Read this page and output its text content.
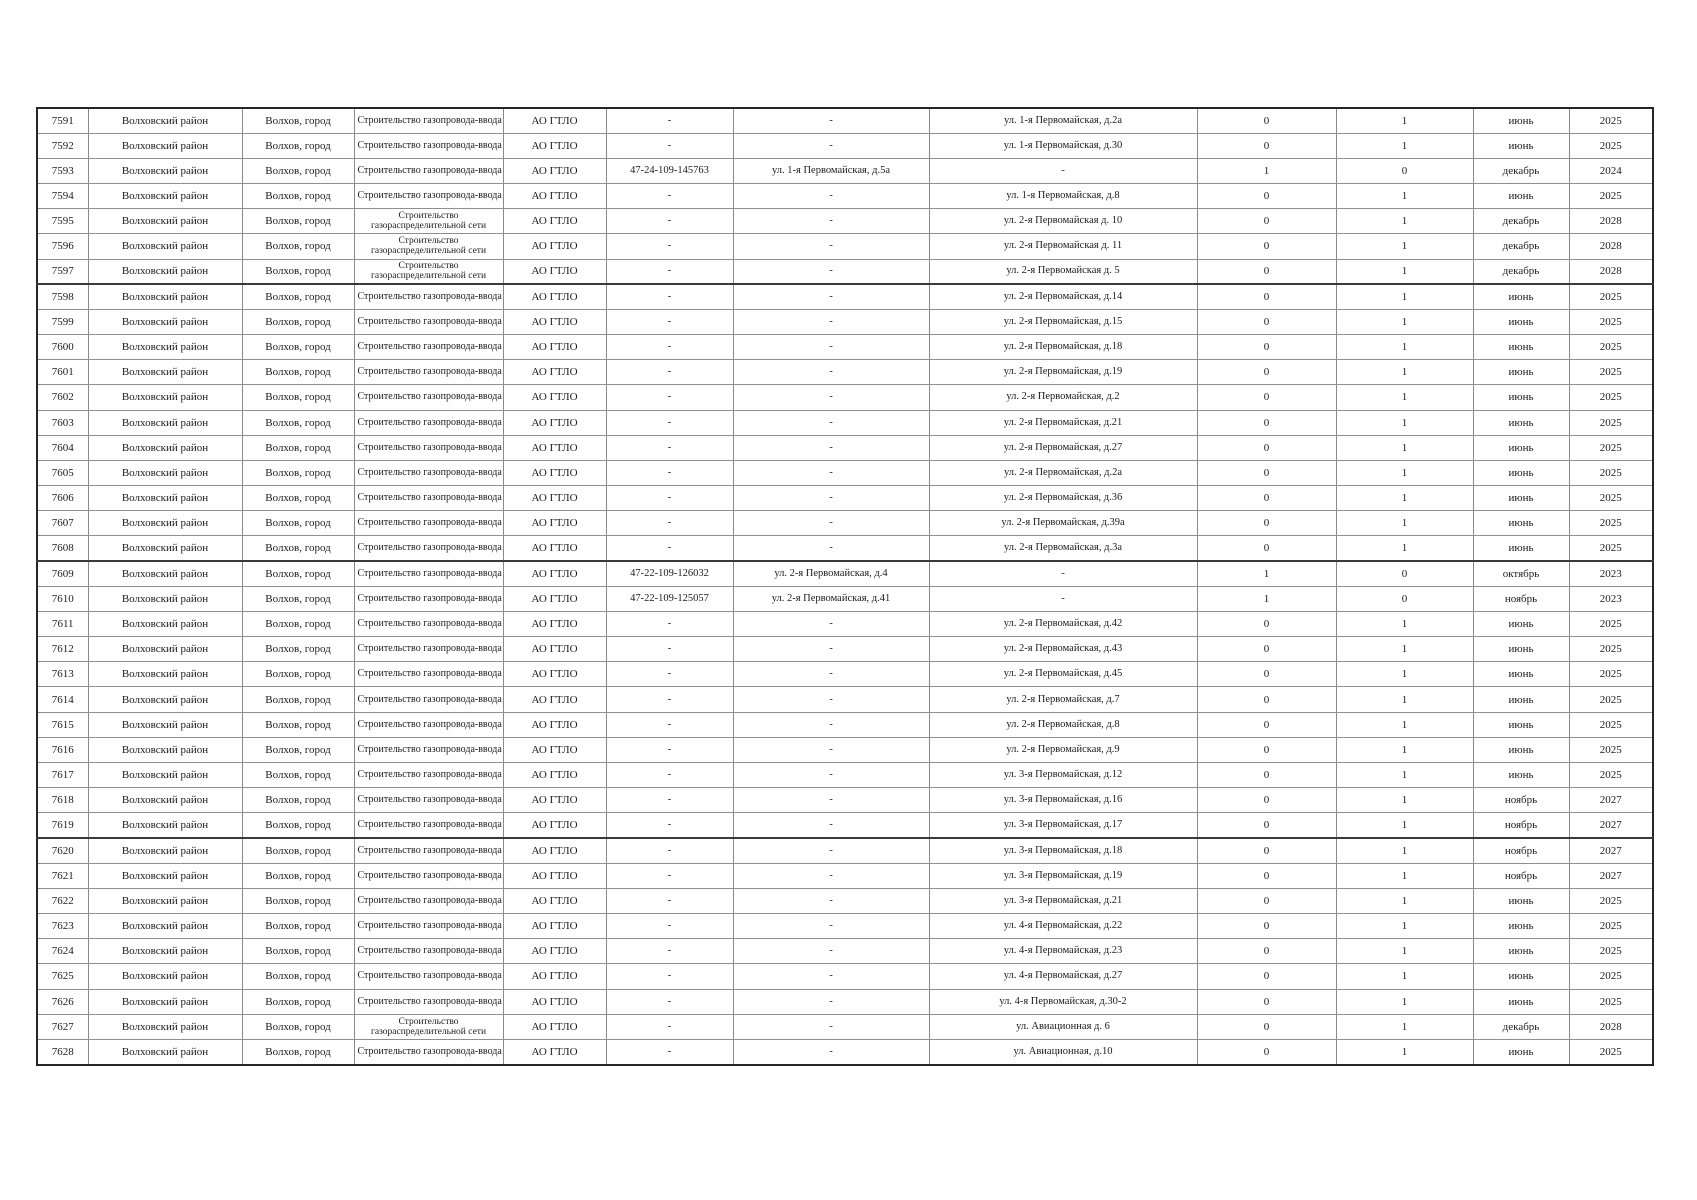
7591	Волховский район	Волхов, город	Строительство газопровода-ввода	АО ГТЛО	-	-	ул. 1-я Первомайская, д.2а	0	1	июнь	2025
7592	Волховский район	Волхов, город	Строительство газопровода-ввода	АО ГТЛО	-	-	ул. 1-я Первомайская, д.30	0	1	июнь	2025
7593	Волховский район	Волхов, город	Строительство газопровода-ввода	АО ГТЛО	47-24-109-145763	ул. 1-я Первомайская, д.5а	-	1	0	декабрь	2024
7594	Волховский район	Волхов, город	Строительство газопровода-ввода	АО ГТЛО	-	-	ул. 1-я Первомайская, д.8	0	1	июнь	2025
7595	Волховский район	Волхов, город	Строительство газораспределительной сети	АО ГТЛО	-	-	ул. 2-я Первомайская д. 10	0	1	декабрь	2028
7596	Волховский район	Волхов, город	Строительство газораспределительной сети	АО ГТЛО	-	-	ул. 2-я Первомайская д. 11	0	1	декабрь	2028
7597	Волховский район	Волхов, город	Строительство газораспределительной сети	АО ГТЛО	-	-	ул. 2-я Первомайская д. 5	0	1	декабрь	2028
7598	Волховский район	Волхов, город	Строительство газопровода-ввода	АО ГТЛО	-	-	ул. 2-я Первомайская, д.14	0	1	июнь	2025
7599	Волховский район	Волхов, город	Строительство газопровода-ввода	АО ГТЛО	-	-	ул. 2-я Первомайская, д.15	0	1	июнь	2025
7600	Волховский район	Волхов, город	Строительство газопровода-ввода	АО ГТЛО	-	-	ул. 2-я Первомайская, д.18	0	1	июнь	2025
7601	Волховский район	Волхов, город	Строительство газопровода-ввода	АО ГТЛО	-	-	ул. 2-я Первомайская, д.19	0	1	июнь	2025
7602	Волховский район	Волхов, город	Строительство газопровода-ввода	АО ГТЛО	-	-	ул. 2-я Первомайская, д.2	0	1	июнь	2025
7603	Волховский район	Волхов, город	Строительство газопровода-ввода	АО ГТЛО	-	-	ул. 2-я Первомайская, д.21	0	1	июнь	2025
7604	Волховский район	Волхов, город	Строительство газопровода-ввода	АО ГТЛО	-	-	ул. 2-я Первомайская, д.27	0	1	июнь	2025
7605	Волховский район	Волхов, город	Строительство газопровода-ввода	АО ГТЛО	-	-	ул. 2-я Первомайская, д.2а	0	1	июнь	2025
7606	Волховский район	Волхов, город	Строительство газопровода-ввода	АО ГТЛО	-	-	ул. 2-я Первомайская, д.36	0	1	июнь	2025
7607	Волховский район	Волхов, город	Строительство газопровода-ввода	АО ГТЛО	-	-	ул. 2-я Первомайская, д.39а	0	1	июнь	2025
7608	Волховский район	Волхов, город	Строительство газопровода-ввода	АО ГТЛО	-	-	ул. 2-я Первомайская, д.3а	0	1	июнь	2025
7609	Волховский район	Волхов, город	Строительство газопровода-ввода	АО ГТЛО	47-22-109-126032	ул. 2-я Первомайская, д.4	-	1	0	октябрь	2023
7610	Волховский район	Волхов, город	Строительство газопровода-ввода	АО ГТЛО	47-22-109-125057	ул. 2-я Первомайская, д.41	-	1	0	ноябрь	2023
7611	Волховский район	Волхов, город	Строительство газопровода-ввода	АО ГТЛО	-	-	ул. 2-я Первомайская, д.42	0	1	июнь	2025
7612	Волховский район	Волхов, город	Строительство газопровода-ввода	АО ГТЛО	-	-	ул. 2-я Первомайская, д.43	0	1	июнь	2025
7613	Волховский район	Волхов, город	Строительство газопровода-ввода	АО ГТЛО	-	-	ул. 2-я Первомайская, д.45	0	1	июнь	2025
7614	Волховский район	Волхов, город	Строительство газопровода-ввода	АО ГТЛО	-	-	ул. 2-я Первомайская, д.7	0	1	июнь	2025
7615	Волховский район	Волхов, город	Строительство газопровода-ввода	АО ГТЛО	-	-	ул. 2-я Первомайская, д.8	0	1	июнь	2025
7616	Волховский район	Волхов, город	Строительство газопровода-ввода	АО ГТЛО	-	-	ул. 2-я Первомайская, д.9	0	1	июнь	2025
7617	Волховский район	Волхов, город	Строительство газопровода-ввода	АО ГТЛО	-	-	ул. 3-я Первомайская, д.12	0	1	июнь	2025
7618	Волховский район	Волхов, город	Строительство газопровода-ввода	АО ГТЛО	-	-	ул. 3-я Первомайская, д.16	0	1	ноябрь	2027
7619	Волховский район	Волхов, город	Строительство газопровода-ввода	АО ГТЛО	-	-	ул. 3-я Первомайская, д.17	0	1	ноябрь	2027
7620	Волховский район	Волхов, город	Строительство газопровода-ввода	АО ГТЛО	-	-	ул. 3-я Первомайская, д.18	0	1	ноябрь	2027
7621	Волховский район	Волхов, город	Строительство газопровода-ввода	АО ГТЛО	-	-	ул. 3-я Первомайская, д.19	0	1	ноябрь	2027
7622	Волховский район	Волхов, город	Строительство газопровода-ввода	АО ГТЛО	-	-	ул. 3-я Первомайская, д.21	0	1	июнь	2025
7623	Волховский район	Волхов, город	Строительство газопровода-ввода	АО ГТЛО	-	-	ул. 4-я Первомайская, д.22	0	1	июнь	2025
7624	Волховский район	Волхов, город	Строительство газопровода-ввода	АО ГТЛО	-	-	ул. 4-я Первомайская, д.23	0	1	июнь	2025
7625	Волховский район	Волхов, город	Строительство газопровода-ввода	АО ГТЛО	-	-	ул. 4-я Первомайская, д.27	0	1	июнь	2025
7626	Волховский район	Волхов, город	Строительство газопровода-ввода	АО ГТЛО	-	-	ул. 4-я Первомайская, д.30-2	0	1	июнь	2025
7627	Волховский район	Волхов, город	Строительство газораспределительной сети	АО ГТЛО	-	-	ул. Авиационная д. 6	0	1	декабрь	2028
7628	Волховский район	Волхов, город	Строительство газопровода-ввода	АО ГТЛО	-	-	ул. Авиационная, д.10	0	1	июнь	2025
